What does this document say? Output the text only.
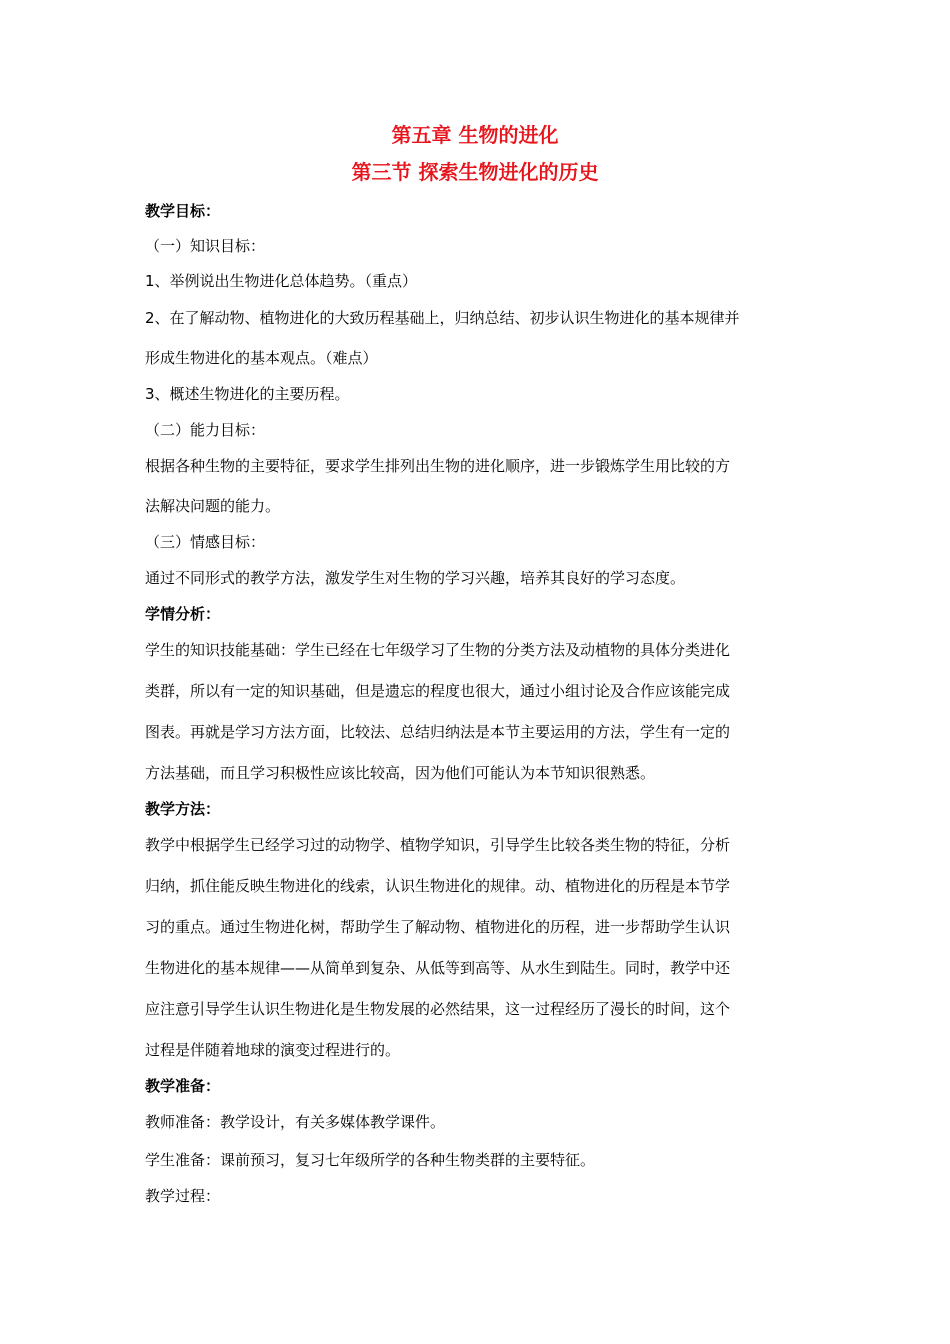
第五章 生物的进化
第三节 探索生物进化的历史
教学目标：
（一）知识目标：
1、举例说出生物进化总体趋势。（重点）
2、在了解动物、植物进化的大致历程基础上，归纳总结、初步认识生物进化的基本规律并
形成生物进化的基本观点。（难点）
3、概述生物进化的主要历程。
（二）能力目标：
根据各种生物的主要特征，要求学生排列出生物的进化顺序，进一步锻炼学生用比较的方
法解决问题的能力。
（三）情感目标：
通过不同形式的教学方法，激发学生对生物的学习兴趣，培养其良好的学习态度。
学情分析：
学生的知识技能基础：学生已经在七年级学习了生物的分类方法及动植物的具体分类进化
类群，所以有一定的知识基础，但是遗忘的程度也很大，通过小组讨论及合作应该能完成
图表。再就是学习方法方面，比较法、总结归纳法是本节主要运用的方法，学生有一定的
方法基础，而且学习积极性应该比较高，因为他们可能认为本节知识很熟悉。
教学方法：
教学中根据学生已经学习过的动物学、植物学知识，引导学生比较各类生物的特征，分析
归纳，抓住能反映生物进化的线索，认识生物进化的规律。动、植物进化的历程是本节学
习的重点。通过生物进化树，帮助学生了解动物、植物进化的历程，进一步帮助学生认识
生物进化的基本规律——从简单到复杂、从低等到高等、从水生到陆生。同时，教学中还
应注意引导学生认识生物进化是生物发展的必然结果，这一过程经历了漫长的时间，这个
过程是伴随着地球的演变过程进行的。
教学准备：
教师准备：教学设计，有关多媒体教学课件。
学生准备：课前预习，复习七年级所学的各种生物类群的主要特征。
教学过程：
